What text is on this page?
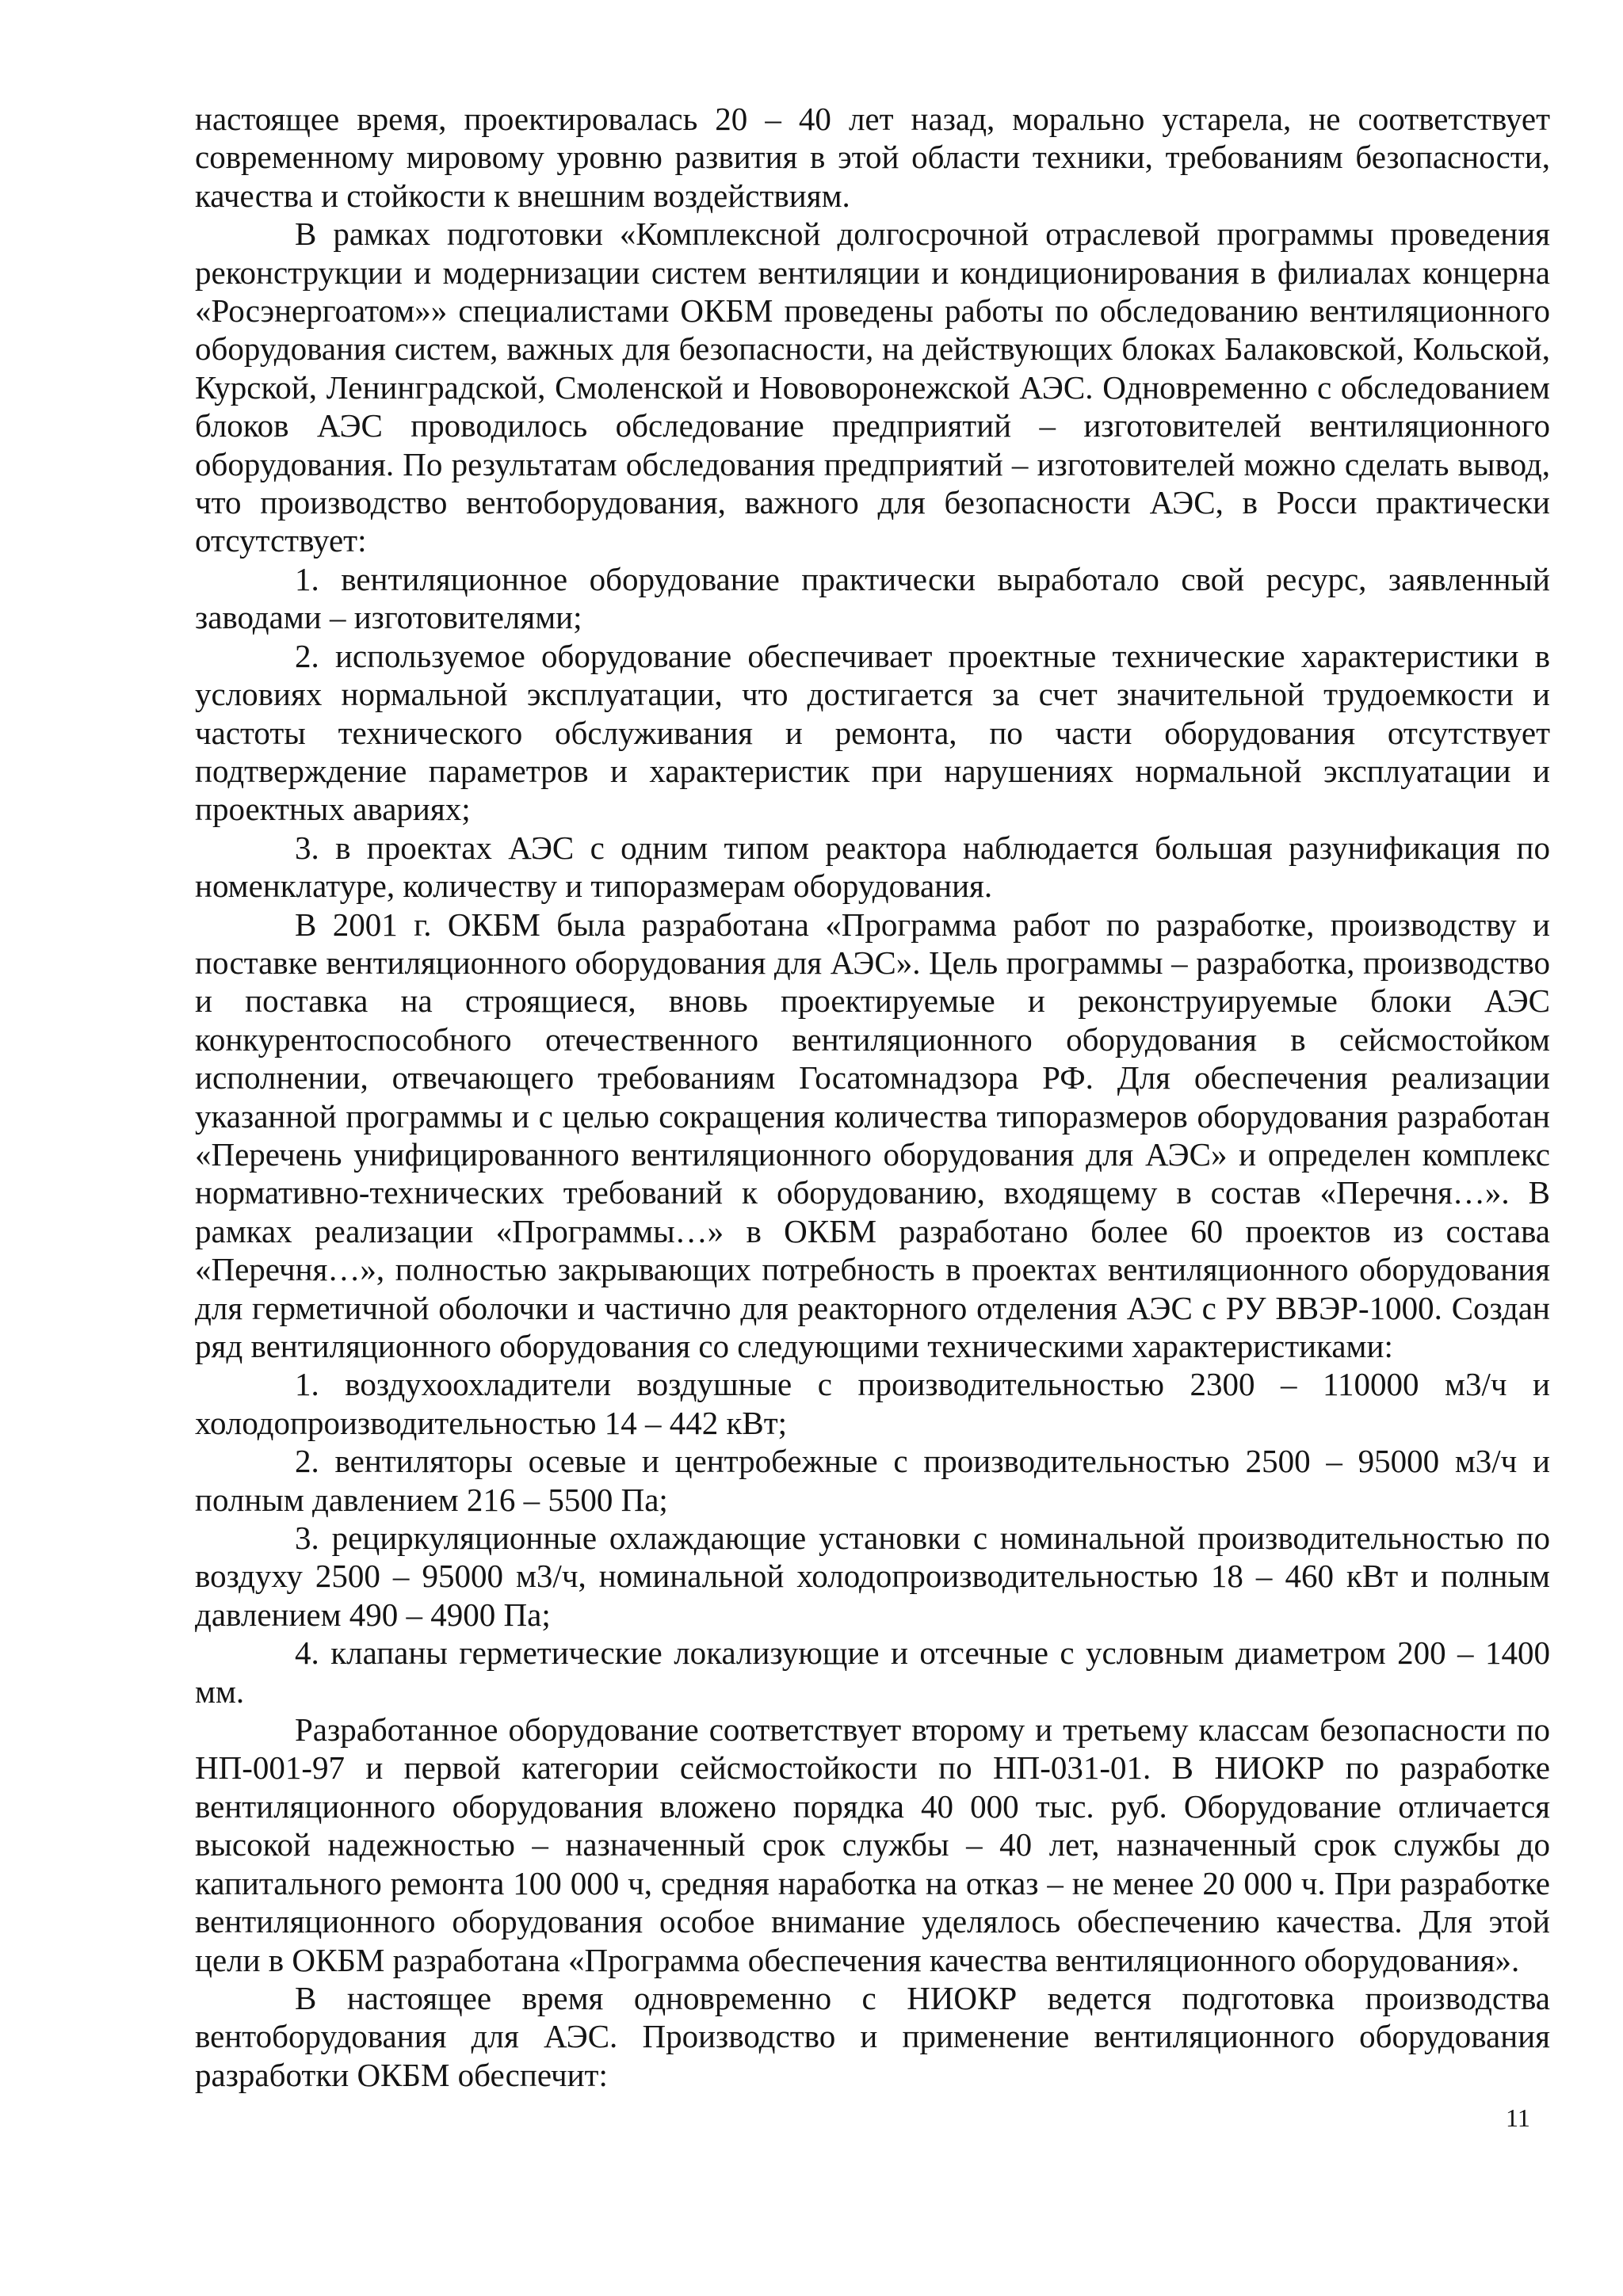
настоящее время, проектировалась 20 – 40 лет назад, морально устарела, не соответствует современному мировому уровню развития в этой области техники, требованиям безопасности, качества и стойкости к внешним воздействиям.

В рамках подготовки «Комплексной долгосрочной отраслевой программы проведения реконструкции и модернизации систем вентиляции и кондиционирования в филиалах концерна «Росэнергоатом»» специалистами ОКБМ проведены работы по обследованию вентиляционного оборудования систем, важных для безопасности, на действующих блоках Балаковской, Кольской, Курской, Ленинградской, Смоленской и Нововоронежской АЭС. Одновременно с обследованием блоков АЭС проводилось обследование предприятий – изготовителей вентиляционного оборудования. По результатам обследования предприятий – изготовителей можно сделать вывод, что производство вентоборудования, важного для безопасности АЭС, в Росси практически отсутствует:

1. вентиляционное оборудование практически выработало свой ресурс, заявленный заводами – изготовителями;

2. используемое оборудование обеспечивает проектные технические характеристики в условиях нормальной эксплуатации, что достигается за счет значительной трудоемкости и частоты технического обслуживания и ремонта, по части оборудования отсутствует подтверждение параметров и характеристик при нарушениях нормальной эксплуатации и проектных авариях;

3. в проектах АЭС с одним типом реактора наблюдается большая разунификация по номенклатуре, количеству и типоразмерам оборудования.

В 2001 г. ОКБМ была разработана «Программа работ по разработке, производству и поставке вентиляционного оборудования для АЭС». Цель программы – разработка, производство и поставка на строящиеся, вновь проектируемые и реконструируемые блоки АЭС конкурентоспособного отечественного вентиляционного оборудования в сейсмостойком исполнении, отвечающего требованиям Госатомнадзора РФ. Для обеспечения реализации указанной программы и с целью сокращения количества типоразмеров оборудования разработан «Перечень унифицированного вентиляционного оборудования для АЭС» и определен комплекс нормативно-технических требований к оборудованию, входящему в состав «Перечня…». В рамках реализации «Программы…» в ОКБМ разработано более 60 проектов из состава «Перечня…», полностью закрывающих потребность в проектах вентиляционного оборудования для герметичной оболочки и частично для реакторного отделения АЭС с РУ ВВЭР-1000. Создан ряд вентиляционного оборудования со следующими техническими характеристиками:

1. воздухоохладители воздушные с производительностью 2300 – 110000 м3/ч и холодопроизводительностью 14 – 442 кВт;

2. вентиляторы осевые и центробежные с производительностью 2500 – 95000 м3/ч и полным давлением 216 – 5500 Па;

3. рециркуляционные охлаждающие установки с номинальной производительностью по воздуху 2500 – 95000 м3/ч, номинальной холодопроизводительностью 18 – 460 кВт и полным давлением 490 – 4900 Па;

4. клапаны герметические локализующие и отсечные с условным диаметром 200 – 1400 мм.

Разработанное оборудование соответствует второму и третьему классам безопасности по НП-001-97 и первой категории сейсмостойкости по НП-031-01. В НИОКР по разработке вентиляционного оборудования вложено порядка 40 000 тыс. руб. Оборудование отличается высокой надежностью – назначенный срок службы – 40 лет, назначенный срок службы до капитального ремонта 100 000 ч, средняя наработка на отказ – не менее 20 000 ч. При разработке вентиляционного оборудования особое внимание уделялось обеспечению качества. Для этой цели в ОКБМ разработана «Программа обеспечения качества вентиляционного оборудования».

В настоящее время одновременно с НИОКР ведется подготовка производства вентоборудования для АЭС. Производство и применение вентиляционного оборудования разработки ОКБМ обеспечит:

11
